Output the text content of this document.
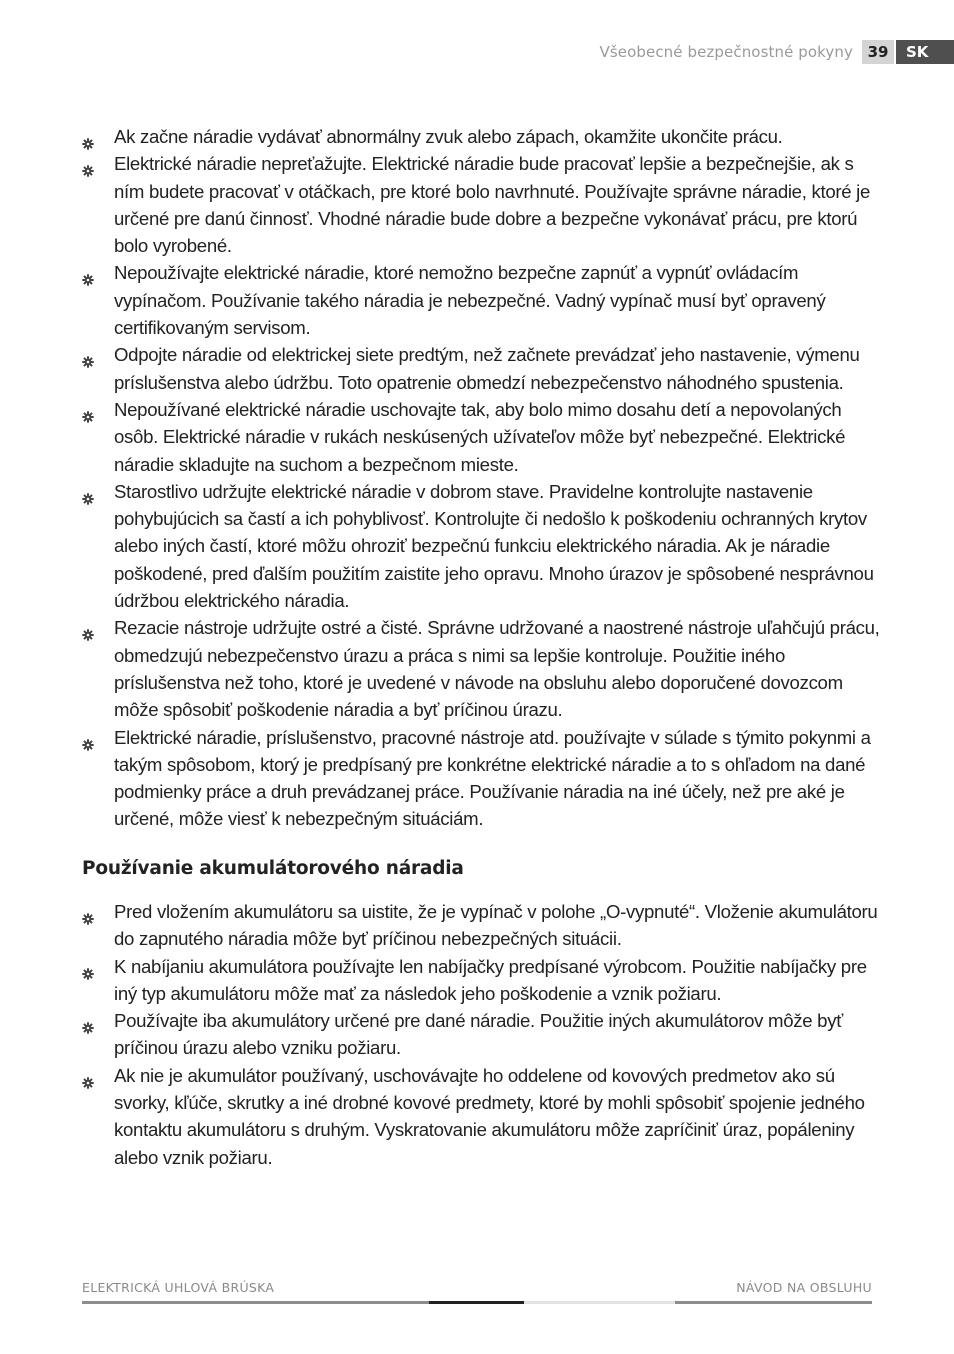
Všeobecné bezpečnostné pokyny 39	SK
Ak začne náradie vydávať abnormálny zvuk alebo zápach, okamžite ukončite prácu.
Elektrické náradie nepreťažujte. Elektrické náradie bude pracovať lepšie a bezpečnejšie, ak s ním budete pracovať v otáčkach, pre ktoré bolo navrhnuté. Používajte správne náradie, ktoré je určené pre danú činnosť. Vhodné náradie bude dobre a bezpečne vykonávať prácu, pre ktorú bolo vyrobené.
Nepoužívajte elektrické náradie, ktoré nemožno bezpečne zapnúť a vypnúť ovládacím vypínačom. Používanie takého náradia je nebezpečné. Vadný vypínač musí byť opravený certifikovaným servisom.
Odpojte náradie od elektrickej siete predtým, než začnete prevádzať jeho nastavenie, výmenu príslušenstva alebo údržbu. Toto opatrenie obmedzí nebezpečenstvo náhodného spustenia.
Nepoužívané elektrické náradie uschovajte tak, aby bolo mimo dosahu detí a nepovolaných osôb. Elektrické náradie v rukách neskúsených užívateľov môže byť nebezpečné. Elektrické náradie skladujte na suchom a bezpečnom mieste.
Starostlivo udržujte elektrické náradie v dobrom stave. Pravidelne kontrolujte nastavenie pohybujúcich sa častí a ich pohyblivosť. Kontrolujte či nedošlo k poškodeniu ochranných krytov alebo iných častí, ktoré môžu ohroziť bezpečnú funkciu elektrického náradia. Ak je náradie poškodené, pred ďalším použitím zaistite jeho opravu. Mnoho úrazov je spôsobené nesprávnou údržbou elektrického náradia.
Rezacie nástroje udržujte ostré a čisté. Správne udržované a naostrené nástroje uľahčujú prácu, obmedzujú nebezpečenstvo úrazu a práca s nimi sa lepšie kontroluje. Použitie iného príslušenstva než toho, ktoré je uvedené v návode na obsluhu alebo doporučené dovozcom môže spôsobiť poškodenie náradia a byť príčinou úrazu.
Elektrické náradie, príslušenstvo, pracovné nástroje atd. používajte v súlade s týmito pokynmi a takým spôsobom, ktorý je predpísaný pre konkrétne elektrické náradie a to s ohľadom na dané podmienky práce a druh prevádzanej práce. Používanie náradia na iné účely, než pre aké je určené, môže viesť k nebezpečným situáciám.
Používanie akumulátorového náradia
Pred vložením akumulátoru sa uistite, že je vypínač v polohe „O-vypnuté“. Vloženie akumulátoru do zapnutého náradia môže byť príčinou nebezpečných situácii.
K nabíjaniu akumulátora používajte len nabíjačky predpísané výrobcom. Použitie nabíjačky pre iný typ akumulátoru môže mať za následok jeho poškodenie a vznik požiaru.
Používajte iba akumulátory určené pre dané náradie. Použitie iných akumulátorov môže byť príčinou úrazu alebo vzniku požiaru.
Ak nie je akumulátor používaný, uschovávajte ho oddelene od kovových predmetov ako sú svorky, kľúče, skrutky a iné drobné kovové predmety, ktoré by mohli spôsobiť spojenie jedného kontaktu akumulátoru s druhým. Vyskratovanie akumulátoru môže zapríčiniť úraz, popáleniny alebo vznik požiaru.
ELEKTRICKÁ UHLOVÁ BRÚSKA	NÁVOD NA OBSLUHU
